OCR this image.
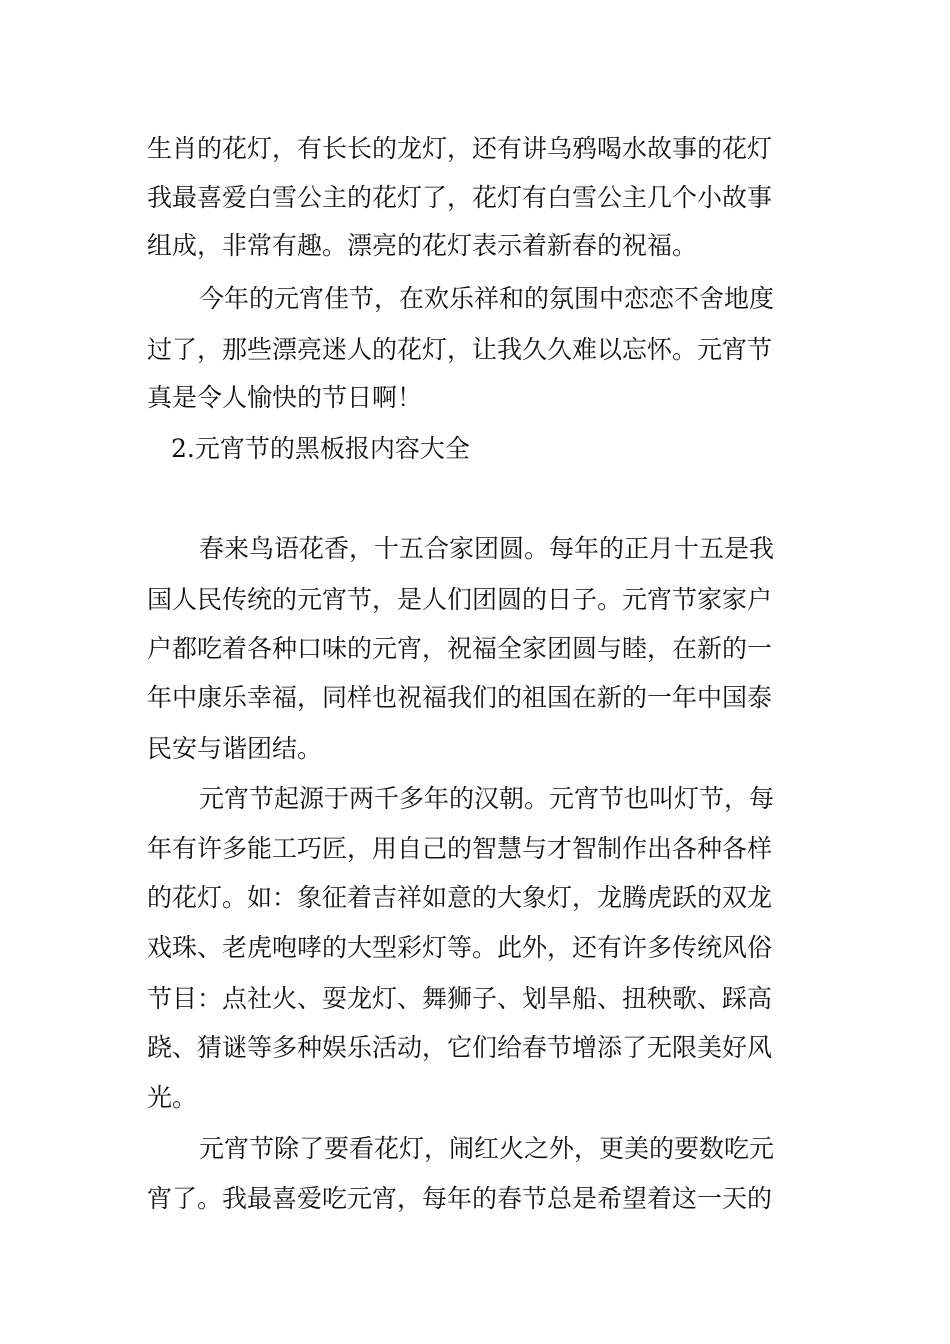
生肖的花灯，有长长的龙灯，还有讲乌鸦喝水故事的花灯
我最喜爱白雪公主的花灯了，花灯有白雪公主几个小故事
组成，非常有趣。漂亮的花灯表示着新春的祝福。
今年的元宵佳节，在欢乐祥和的氛围中恋恋不舍地度
过了，那些漂亮迷人的花灯，让我久久难以忘怀。元宵节
真是令人愉快的节日啊！
2.元宵节的黑板报内容大全
春来鸟语花香，十五合家团圆。每年的正月十五是我
国人民传统的元宵节，是人们团圆的日子。元宵节家家户
户都吃着各种口味的元宵，祝福全家团圆与睦，在新的一
年中康乐幸福，同样也祝福我们的祖国在新的一年中国泰
民安与谐团结。
元宵节起源于两千多年的汉朝。元宵节也叫灯节，每
年有许多能工巧匠，用自己的智慧与才智制作出各种各样
的花灯。如：象征着吉祥如意的大象灯，龙腾虎跃的双龙
戏珠、老虎咆哮的大型彩灯等。此外，还有许多传统风俗
节目：点社火、耍龙灯、舞狮子、划旱船、扭秧歌、踩高
跷、猜谜等多种娱乐活动，它们给春节增添了无限美好风
光。
元宵节除了要看花灯，闹红火之外，更美的要数吃元
宵了。我最喜爱吃元宵，每年的春节总是希望着这一天的
